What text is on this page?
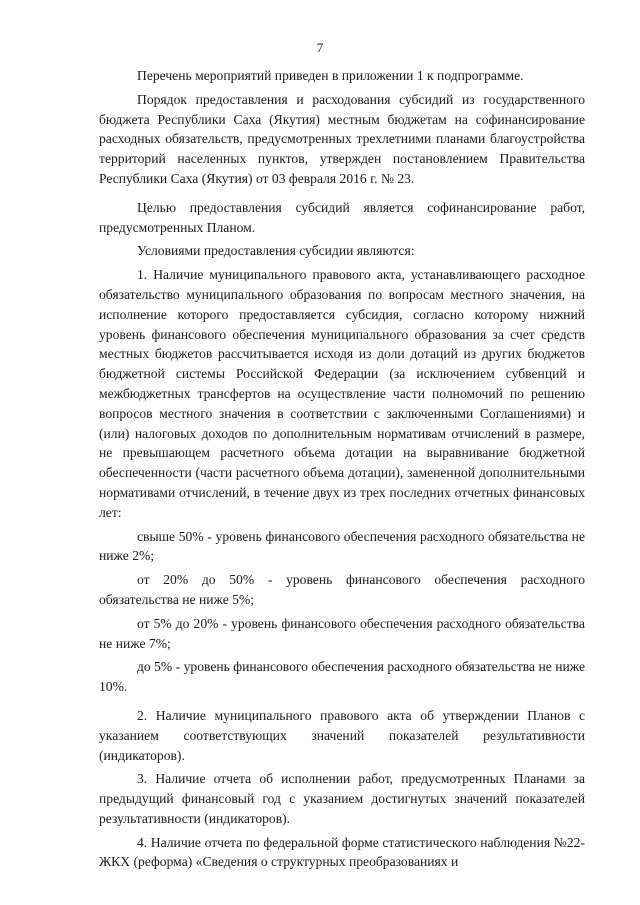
7

Перечень мероприятий приведен в приложении 1 к подпрограмме.

Порядок предоставления и расходования субсидий из государственного бюджета Республики Саха (Якутия) местным бюджетам на софинансирование расходных обязательств, предусмотренных трехлетними планами благоустройства территорий населенных пунктов, утвержден постановлением Правительства Республики Саха (Якутия) от 03 февраля 2016 г. № 23.

Целью предоставления субсидий является софинансирование работ, предусмотренных Планом.

Условиями предоставления субсидии являются:

1. Наличие муниципального правового акта, устанавливающего расходное обязательство муниципального образования по вопросам местного значения, на исполнение которого предоставляется субсидия, согласно которому нижний уровень финансового обеспечения муниципального образования за счет средств местных бюджетов рассчитывается исходя из доли дотаций из других бюджетов бюджетной системы Российской Федерации (за исключением субвенций и межбюджетных трансфертов на осуществление части полномочий по решению вопросов местного значения в соответствии с заключенными Соглашениями) и (или) налоговых доходов по дополнительным нормативам отчислений в размере, не превышающем расчетного объема дотации на выравнивание бюджетной обеспеченности (части расчетного объема дотации), замененной дополнительными нормативами отчислений, в течение двух из трех последних отчетных финансовых лет:

свыше 50% - уровень финансового обеспечения расходного обязательства не ниже 2%;

от 20% до 50% - уровень финансового обеспечения расходного обязательства не ниже 5%;

от 5% до 20% - уровень финансового обеспечения расходного обязательства не ниже 7%;

до 5% - уровень финансового обеспечения расходного обязательства не ниже 10%.

2. Наличие муниципального правового акта об утверждении Планов с указанием соответствующих значений показателей результативности (индикаторов).

3. Наличие отчета об исполнении работ, предусмотренных Планами за предыдущий финансовый год с указанием достигнутых значений показателей результативности (индикаторов).

4. Наличие отчета по федеральной форме статистического наблюдения №22-ЖКХ (реформа) «Сведения о структурных преобразованиях и
